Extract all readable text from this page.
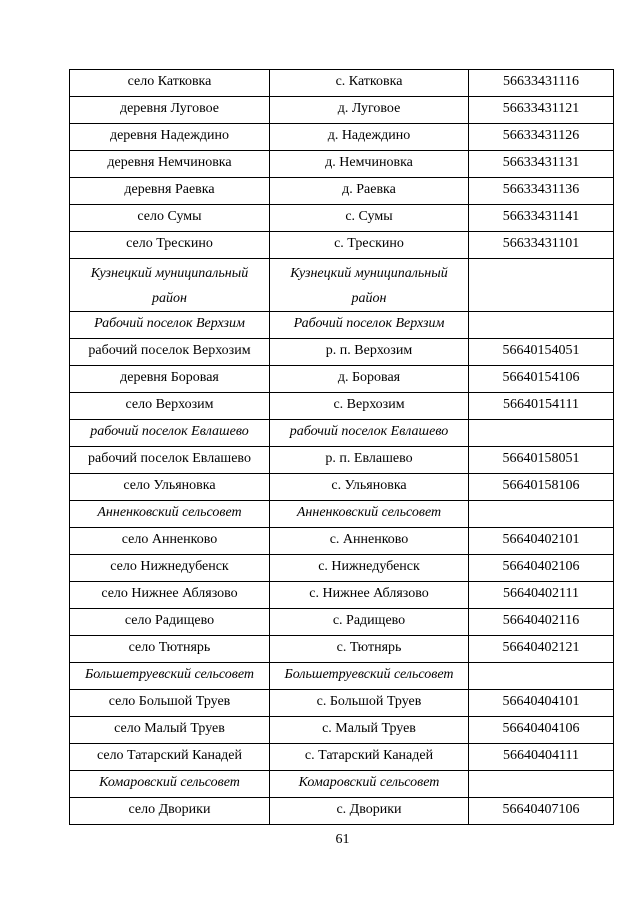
село Катковка	с. Катковка	56633431116
деревня Луговое	д. Луговое	56633431121
деревня Надеждино	д. Надеждино	56633431126
деревня Немчиновка	д. Немчиновка	56633431131
деревня Раевка	д. Раевка	56633431136
село Сумы	с. Сумы	56633431141
село Трескино	с. Трескино	56633431101
Кузнецкий муниципальный район	Кузнецкий муниципальный район	
Рабочий поселок Верхзим	Рабочий поселок Верхзим	
рабочий поселок Верхозим	р. п. Верхозим	56640154051
деревня Боровая	д. Боровая	56640154106
село Верхозим	с. Верхозим	56640154111
рабочий поселок Евлашево	рабочий поселок Евлашево	
рабочий поселок Евлашево	р. п. Евлашево	56640158051
село Ульяновка	с. Ульяновка	56640158106
Анненковский сельсовет	Анненковский сельсовет	
село Анненково	с. Анненково	56640402101
село Нижнедубенск	с. Нижнедубенск	56640402106
село Нижнее Аблязово	с. Нижнее Аблязово	56640402111
село Радищево	с. Радищево	56640402116
село Тютнярь	с. Тютнярь	56640402121
Большетруевский сельсовет	Большетруевский сельсовет	
село Большой Труев	с. Большой Труев	56640404101
село Малый Труев	с. Малый Труев	56640404106
село Татарский Канадей	с. Татарский Канадей	56640404111
Комаровский сельсовет	Комаровский сельсовет	
село Дворики	с. Дворики	56640407106
61
